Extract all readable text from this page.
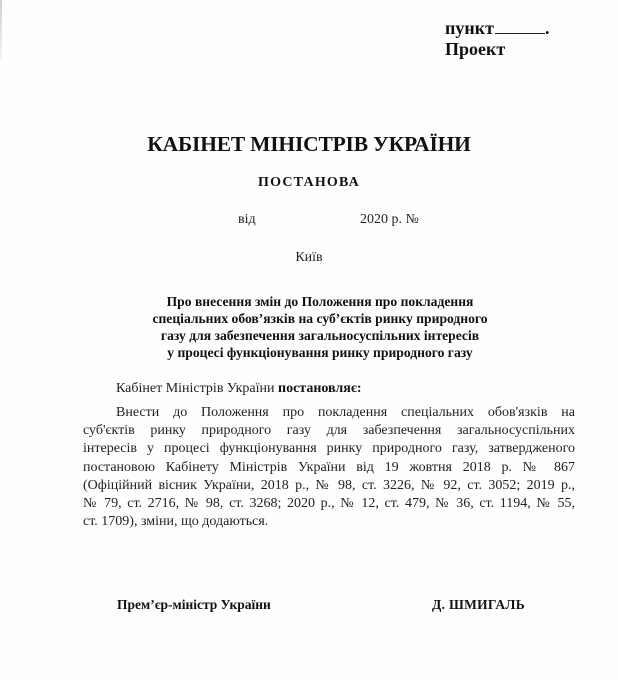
пункт	.
Проект
КАБІНЕТ МІНІСТРІВ УКРАЇНИ
ПОСТАНОВА
від	2020 р. №
Київ
Про внесення змін до Положення про покладення
спеціальних обов’язків на суб’єктів ринку природного
газу для забезпечення загальносуспільних інтересів
у процесі функціонування ринку природного газу
Кабінет Міністрів України постановляє:
Внести до Положення про покладення спеціальних обов'язків на
суб'єктів ринку природного газу для забезпечення загальносуспільних
інтересів у процесі функціонування ринку природного газу, затвердженого
постановою Кабінету Міністрів України від 19 жовтня 2018 р. № 867
(Офіційний вісник України, 2018 р., № 98, ст. 3226, № 92, ст. 3052; 2019 р.,
№ 79, ст. 2716, № 98, ст. 3268; 2020 р., № 12, ст. 479, № 36, ст. 1194, № 55,
ст. 1709), зміни, що додаються.
Прем’єр-міністр України	Д. ШМИГАЛЬ
